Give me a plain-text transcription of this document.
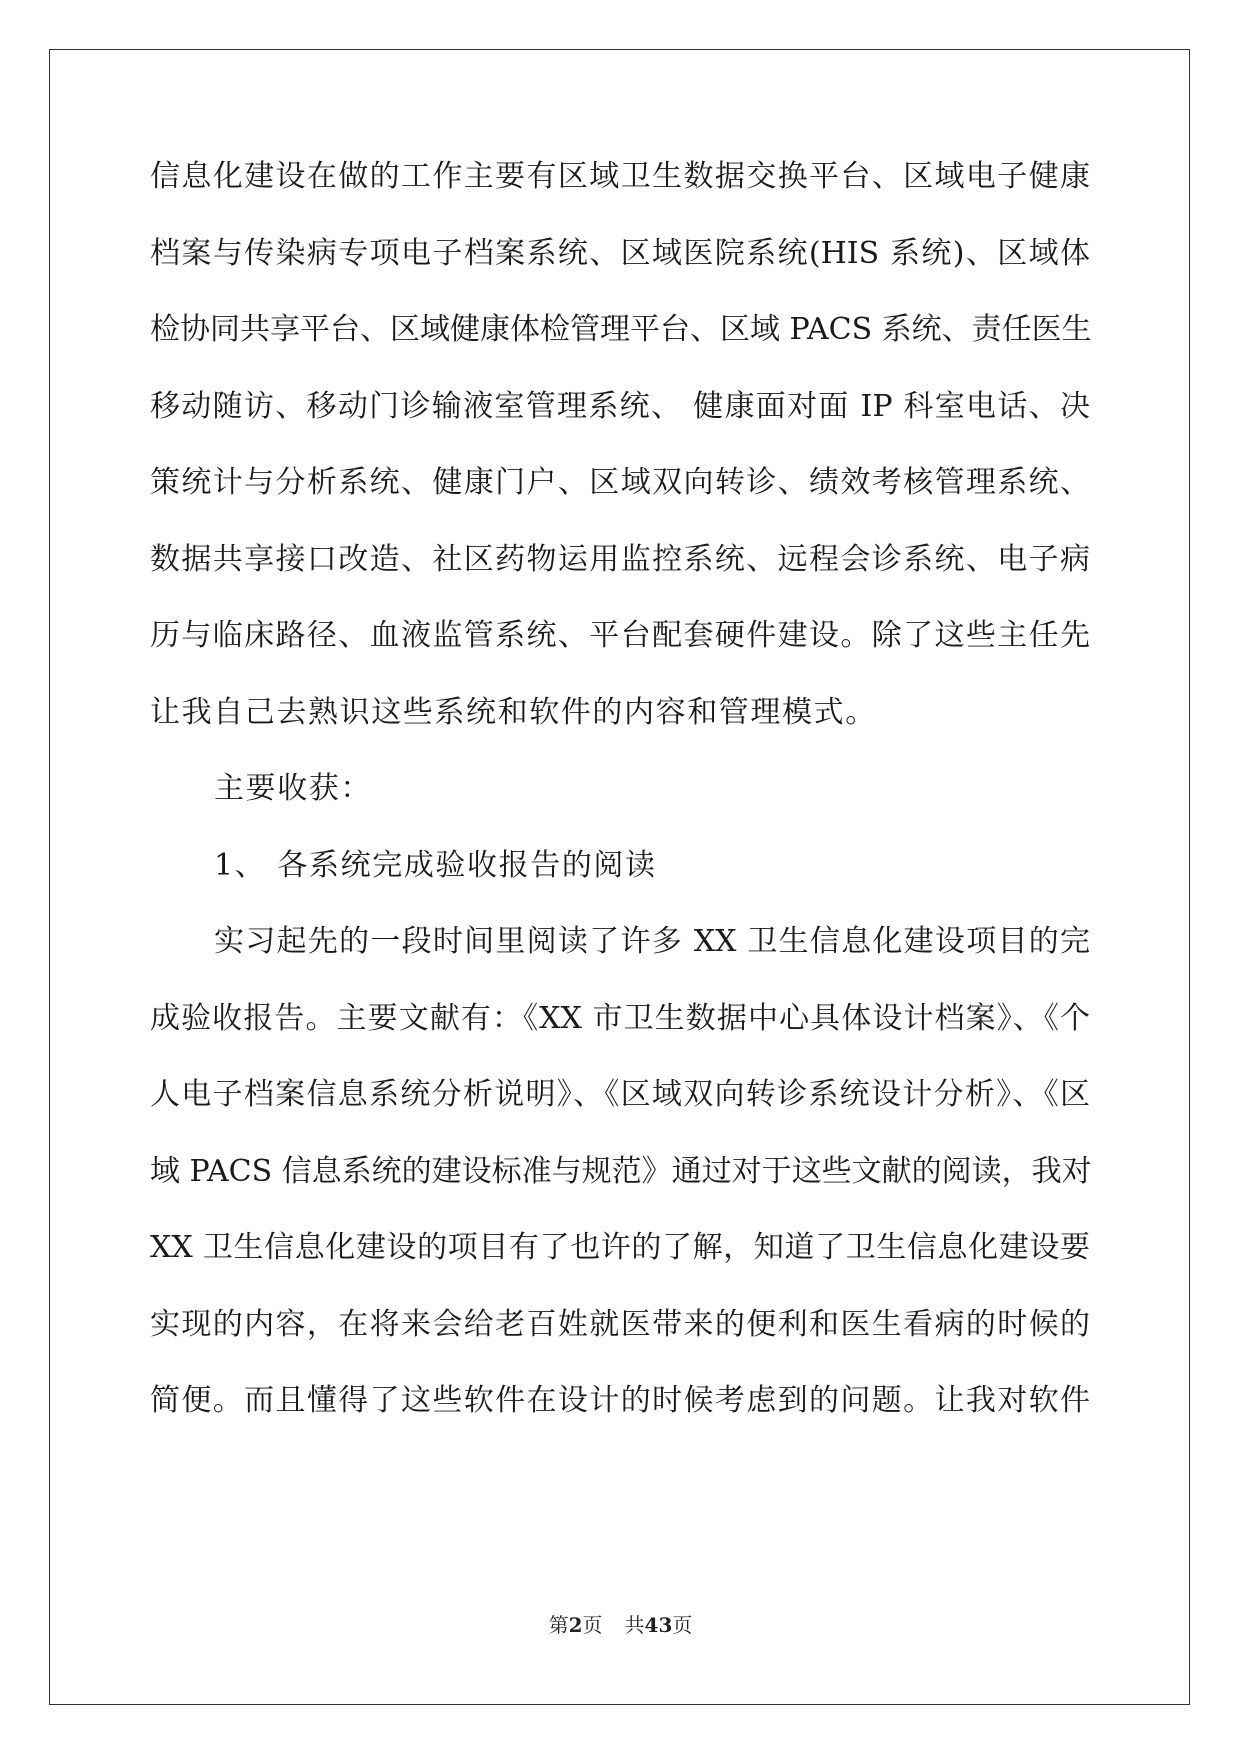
信息化建设在做的工作主要有区域卫生数据交换平台、区域电子健康
档案与传染病专项电子档案系统、区域医院系统(HIS 系统)、区域体
检协同共享平台、区域健康体检管理平台、区域 PACS 系统、责任医生
移动随访、移动门诊输液室管理系统、 健康面对面 IP 科室电话、决
策统计与分析系统、健康门户、区域双向转诊、绩效考核管理系统、
数据共享接口改造、社区药物运用监控系统、远程会诊系统、电子病
历与临床路径、血液监管系统、平台配套硬件建设。除了这些主任先
让我自己去熟识这些系统和软件的内容和管理模式。
主要收获：
1、 各系统完成验收报告的阅读
实习起先的一段时间里阅读了许多 XX 卫生信息化建设项目的完
成验收报告。主要文献有：《XX 市卫生数据中心具体设计档案》、《个
人电子档案信息系统分析说明》、《区域双向转诊系统设计分析》、《区
域 PACS 信息系统的建设标准与规范》通过对于这些文献的阅读，我对
XX 卫生信息化建设的项目有了也许的了解，知道了卫生信息化建设要
实现的内容，在将来会给老百姓就医带来的便利和医生看病的时候的
简便。而且懂得了这些软件在设计的时候考虑到的问题。让我对软件
第2页 共43页
